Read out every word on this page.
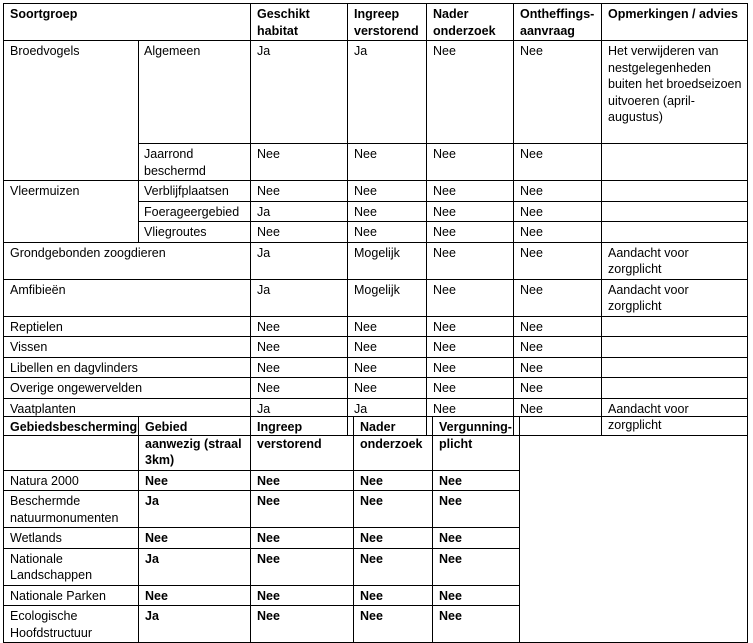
Soortgroep		Geschikt habitat	Ingreep verstorend	Nader onderzoek	Ontheffings-aanvraag	Opmerkingen / advies
Broedvogels	Algemeen	Ja	Ja	Nee	Nee	Het verwijderen van nestgelegenheden buiten het broedseizoen uitvoeren (april-augustus)
	Jaarrond beschermd	Nee	Nee	Nee	Nee	
Vleermuizen	Verblijfplaatsen	Nee	Nee	Nee	Nee	
	Foerageergebied	Ja	Nee	Nee	Nee	
	Vliegroutes	Nee	Nee	Nee	Nee	
Grondgebonden zoogdieren		Ja	Mogelijk	Nee	Nee	Aandacht voor zorgplicht
Amfibieën		Ja	Mogelijk	Nee	Nee	Aandacht voor zorgplicht
Reptielen		Nee	Nee	Nee	Nee	
Vissen		Nee	Nee	Nee	Nee	
Libellen en dagvlinders		Nee	Nee	Nee	Nee	
Overige ongewervelden		Nee	Nee	Nee	Nee	
Vaatplanten		Ja	Ja	Nee	Nee	Aandacht voor zorgplicht
Gebiedsbescherming	Gebied aanwezig (straal 3km)	Ingreep verstorend	Nader onderzoek	Vergunning-plicht	
Natura 2000	Nee	Nee	Nee	Nee	
Beschermde natuurmonumenten	Ja	Nee	Nee	Nee	
Wetlands	Nee	Nee	Nee	Nee	
Nationale Landschappen	Ja	Nee	Nee	Nee	
Nationale Parken	Nee	Nee	Nee	Nee	
Ecologische Hoofdstructuur	Ja	Nee	Nee	Nee	
